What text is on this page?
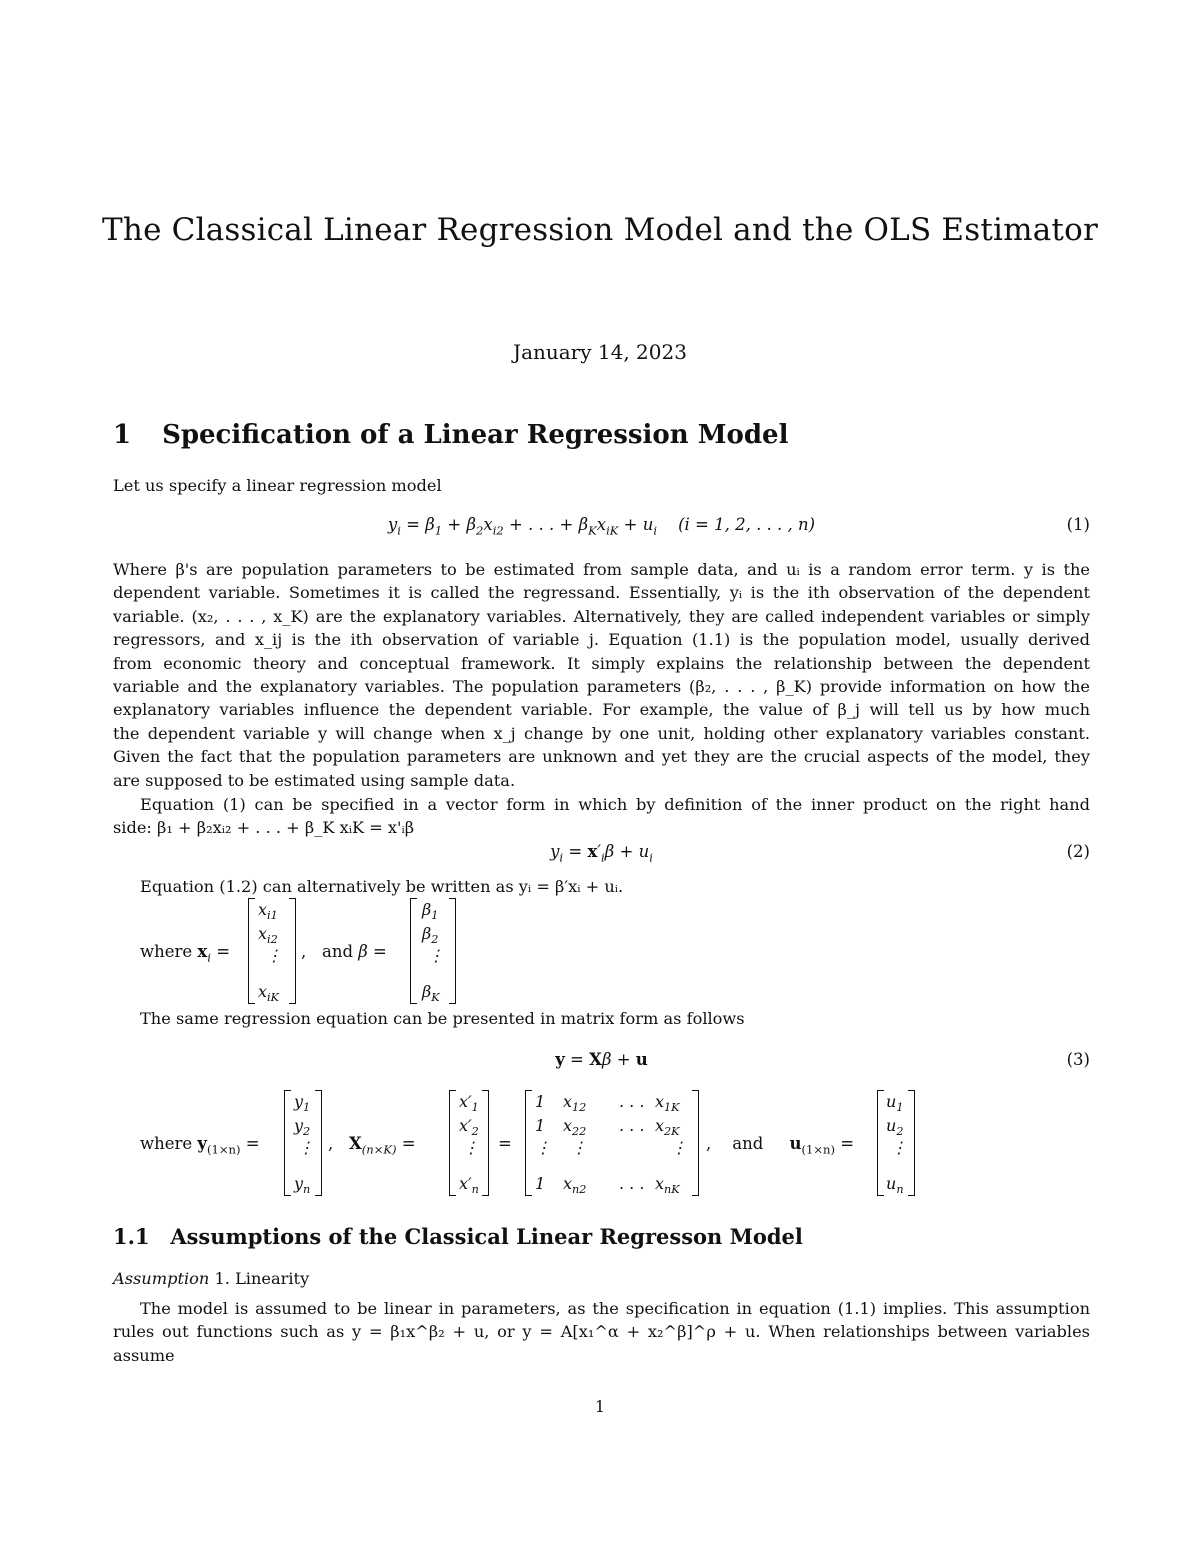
The Classical Linear Regression Model and the OLS Estimator
January 14, 2023
1 Specification of a Linear Regression Model
Let us specify a linear regression model
$y_i = \beta_1 + \beta_2x_{i2}$ + . . . + $\beta_Kx_{iK} + u_i$ (i = 1, 2, . . . , n)	(1)
Where β's are population parameters to be estimated from sample data, and uᵢ is a random error term. y is the
dependent variable. Sometimes it is called the regressand. Essentially, yᵢ is the ith observation of the dependent
variable. (x₂, . . . , x_K) are the explanatory variables. Alternatively, they are called independent variables or simply
regressors, and x_ij is the ith observation of variable j. Equation (1.1) is the population model, usually derived
from economic theory and conceptual framework. It simply explains the relationship between the dependent
variable and the explanatory variables. The population parameters (β₂, . . . , β_K) provide information on how the
explanatory variables influence the dependent variable. For example, the value of β_j will tell us by how much
the dependent variable y will change when x_j change by one unit, holding other explanatory variables constant.
Given the fact that the population parameters are unknown and yet they are the crucial aspects of the model, they
are supposed to be estimated using sample data.
Equation (1) can be specified in a vector form in which by definition of the inner product on the right hand
side: β₁ + β₂xᵢ₂ + . . . + β_K xᵢK = x'ᵢβ
$y_i = x'_i\beta + u_i$	(2)
Equation (1.2) can alternatively be written as yᵢ = β′xᵢ + uᵢ.
where $x_i$ =
$x_{i1}$
$x_{i2}$
⋮
$x_{iK}$
,   and β =
$\beta_1$
$\beta_2$
⋮
$\beta_K$
The same regression equation can be presented in matrix form as follows
y = Xβ + u	(3)
where $y_{(1\times n)}$ =
$y_1$
$y_2$
⋮
$y_n$
,   $X_{(n\times K)}$ =
$x'_1$
$x'_2$
⋮
$x'_n$
=
1 $x_{12}$ . . . $x_{1K}$
1 $x_{22}$ . . . $x_{2K}$
⋮ ⋮	⋮
1 $x_{n2}$ . . . $x_{nK}$
,    and $u_{(1\times n)}$ =
$u_1$
$u_2$
⋮
$u_n$
1.1 Assumptions of the Classical Linear Regresson Model
Assumption 1. Linearity
The model is assumed to be linear in parameters, as the specification in equation (1.1) implies. This assumption
rules out functions such as y = β₁x^β₂ + u, or y = A[x₁^α + x₂^β]^ρ + u. When relationships between variables assume
1
